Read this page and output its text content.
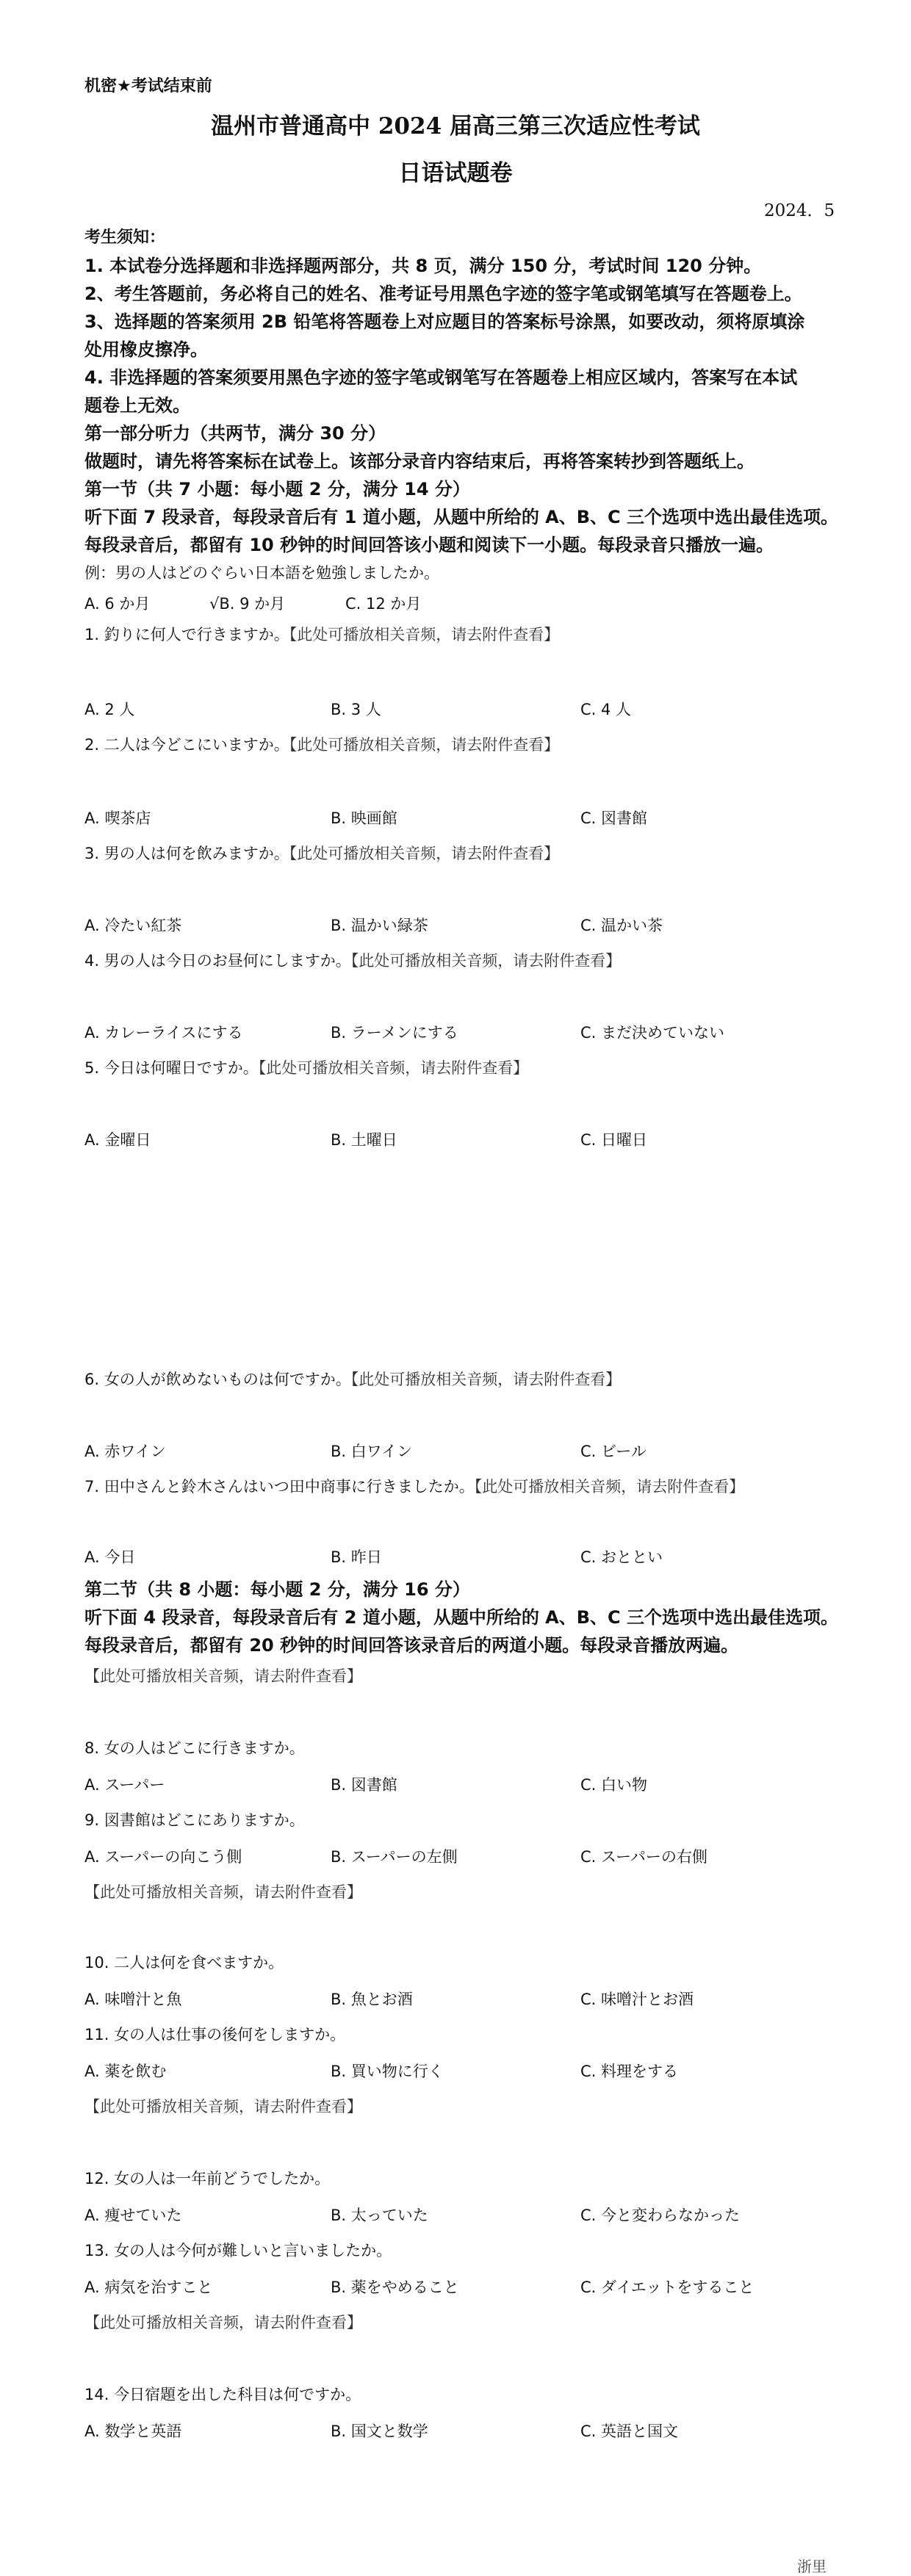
机密★考试结束前
温州市普通高中 2024 届高三第三次适应性考试
日语试题卷
2024．5
考生须知：
1. 本试卷分选择题和非选择题两部分，共 8 页，满分 150 分，考试时间 120 分钟。
2、考生答题前，务必将自己的姓名、准考证号用黑色字迹的签字笔或钢笔填写在答题卷上。
3、选择题的答案须用 2B 铅笔将答题卷上对应题目的答案标号涂黑，如要改动，须将原填涂
处用橡皮擦净。
4. 非选择题的答案须要用黑色字迹的签字笔或钢笔写在答题卷上相应区域内，答案写在本试
题卷上无效。
第一部分听力（共两节，满分 30 分）
做题时，请先将答案标在试卷上。该部分录音内容结束后，再将答案转抄到答题纸上。
第一节（共 7 小题：每小题 2 分，满分 14 分）
听下面 7 段录音，每段录音后有 1 道小题，从题中所给的 A、B、C 三个选项中选出最佳选项。
每段录音后，都留有 10 秒钟的时间回答该小题和阅读下一小题。每段录音只播放一遍。
例：男の人はどのぐらい日本語を勉強しましたか。
A. 6 か月	√B. 9 か月	C. 12 か月
1. 釣りに何人で行きますか。【此处可播放相关音频，请去附件查看】
A. 2 人	B. 3 人	C. 4 人
2. 二人は今どこにいますか。【此处可播放相关音频，请去附件查看】
A. 喫茶店	B. 映画館	C. 図書館
3. 男の人は何を飲みますか。【此处可播放相关音频，请去附件查看】
A. 冷たい紅茶	B. 温かい緑茶	C. 温かい茶
4. 男の人は今日のお昼何にしますか。【此处可播放相关音频，请去附件查看】
A. カレーライスにする	B. ラーメンにする	C. まだ決めていない
5. 今日は何曜日ですか。【此处可播放相关音频，请去附件查看】
A. 金曜日	B. 土曜日	C. 日曜日
6. 女の人が飲めないものは何ですか。【此处可播放相关音频，请去附件查看】
A. 赤ワイン	B. 白ワイン	C. ビール
7. 田中さんと鈴木さんはいつ田中商事に行きましたか。【此处可播放相关音频，请去附件查看】
A. 今日	B. 昨日	C. おととい
第二节（共 8 小题：每小题 2 分，满分 16 分）
听下面 4 段录音，每段录音后有 2 道小题，从题中所给的 A、B、C 三个选项中选出最佳选项。
每段录音后，都留有 20 秒钟的时间回答该录音后的两道小题。每段录音播放两遍。
【此处可播放相关音频，请去附件查看】
8. 女の人はどこに行きますか。
A. スーパー	B. 図書館	C. 白い物
9. 図書館はどこにありますか。
A. スーパーの向こう側	B. スーパーの左側	C. スーパーの右側
【此处可播放相关音频，请去附件查看】
10. 二人は何を食べますか。
A. 味噌汁と魚	B. 魚とお酒	C. 味噌汁とお酒
11. 女の人は仕事の後何をしますか。
A. 薬を飲む	B. 買い物に行く	C. 料理をする
【此处可播放相关音频，请去附件查看】
12. 女の人は一年前どうでしたか。
A. 痩せていた	B. 太っていた	C. 今と変わらなかった
13. 女の人は今何が難しいと言いましたか。
A. 病気を治すこと	B. 薬をやめること	C. ダイエットをすること
【此处可播放相关音频，请去附件查看】
14. 今日宿題を出した科目は何ですか。
A. 数学と英語	B. 国文と数学	C. 英語と国文
浙里
